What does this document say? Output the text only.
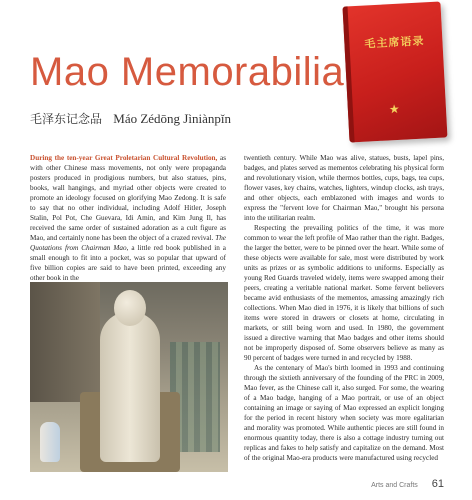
毛主席语录
★
Mao Memorabilia
毛泽东记念品 Máo Zédōng Jìniànpǐn

During the ten-year Great Proletarian Cultural Revolution, as with other Chinese mass movements, not only were propaganda posters produced in prodigious numbers, but also statues, pins, books, wall hangings, and myriad other objects were created to promote an ideology focused on glorifying Mao Zedong. It is safe to say that no other individual, including Adolf Hitler, Joseph Stalin, Pol Pot, Che Guevara, Idi Amin, and Kim Jung Il, has received the same order of sustained adoration as a cult figure as Mao, and certainly none has been the object of a crazed revival. The Quotations from Chairman Mao, a little red book published in a small enough to fit into a pocket, was so popular that upward of five billion copies are said to have been printed, exceeding any other book in the

twentieth century. While Mao was alive, statues, busts, lapel pins, badges, and plates served as mementos celebrating his physical form and revolutionary vision, while thermos bottles, cups, bags, tea cups, flower vases, key chains, watches, lighters, windup clocks, ash trays, and other objects, each emblazoned with images and words to express the "fervent love for Chairman Mao," brought his persona into the utilitarian realm.

Respecting the prevailing politics of the time, it was more common to wear the left profile of Mao rather than the right. Badges, the larger the better, were to be pinned over the heart. While some of these objects were available for sale, most were distributed by work units as prizes or as symbolic additions to uniforms. Especially as young Red Guards traveled widely, items were swapped among their peers, creating a veritable national market. Some fervent believers became avid enthusiasts of the mementos, amassing amazingly rich collections. When Mao died in 1976, it is likely that billions of such items were stored in drawers or closets at home, circulating in markets, or still being worn and used. In 1980, the government issued a directive warning that Mao badges and other items should not be improperly disposed of. Some observers believe as many as 90 percent of badges were turned in and recycled by 1988.

As the centenary of Mao's birth loomed in 1993 and continuing through the sixtieth anniversary of the founding of the PRC in 2009, Mao fever, as the Chinese call it, also surged. For some, the wearing of a Mao badge, hanging of a Mao portrait, or use of an object containing an image or saying of Mao expressed an explicit longing for the period in recent history when society was more egalitarian and morality was promoted. While authentic pieces are still found in enormous quantity today, there is also a cottage industry turning out replicas and fakes to help satisfy and capitalize on the demand. Most of the original Mao-era products were manufactured using recycled

Arts and Crafts 61
